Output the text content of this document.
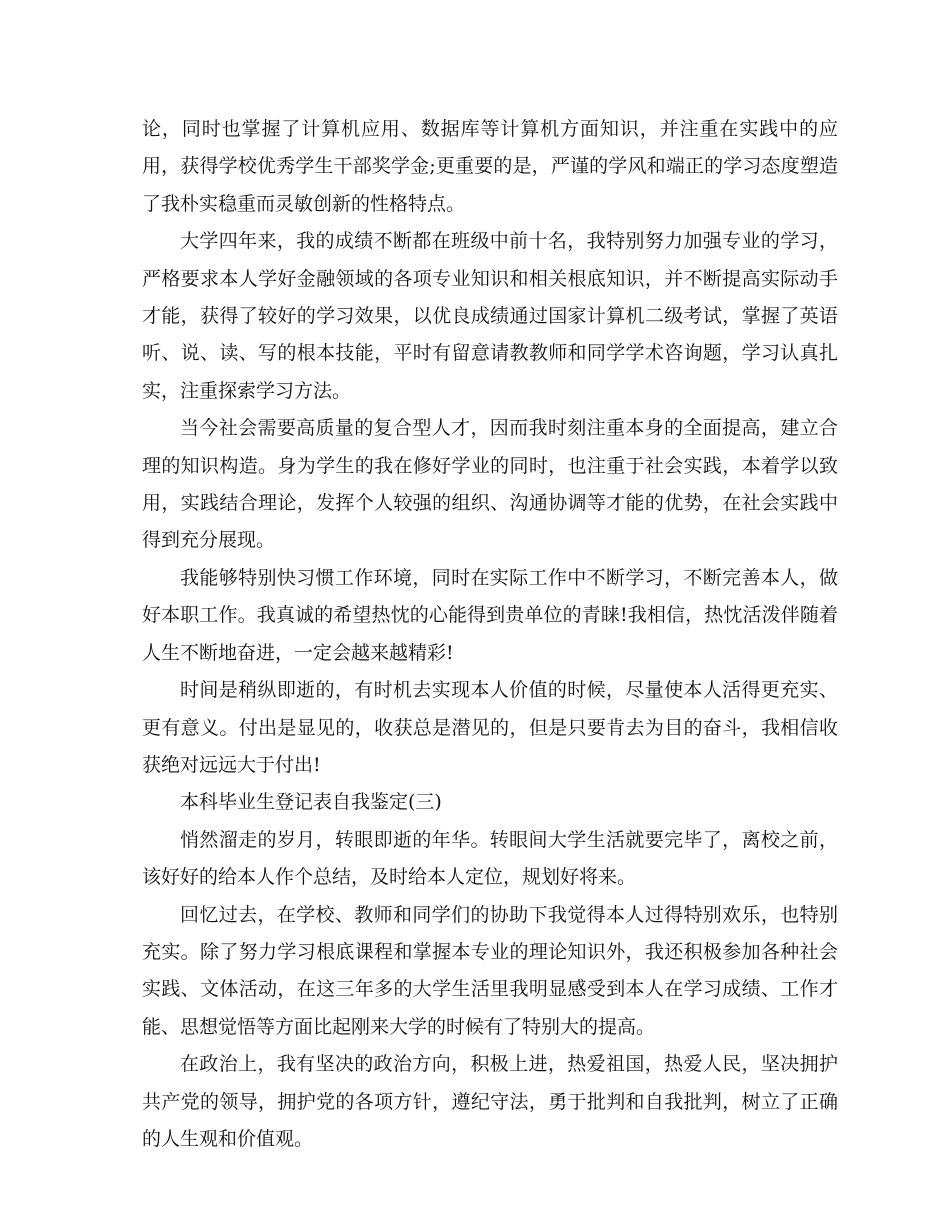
论，同时也掌握了计算机应用、数据库等计算机方面知识，并注重在实践中的应用，获得学校优秀学生干部奖学金;更重要的是，严谨的学风和端正的学习态度塑造了我朴实稳重而灵敏创新的性格特点。

大学四年来，我的成绩不断都在班级中前十名，我特别努力加强专业的学习，严格要求本人学好金融领域的各项专业知识和相关根底知识，并不断提高实际动手才能，获得了较好的学习效果，以优良成绩通过国家计算机二级考试，掌握了英语听、说、读、写的根本技能，平时有留意请教教师和同学学术咨询题，学习认真扎实，注重探索学习方法。

当今社会需要高质量的复合型人才，因而我时刻注重本身的全面提高，建立合理的知识构造。身为学生的我在修好学业的同时，也注重于社会实践，本着学以致用，实践结合理论，发挥个人较强的组织、沟通协调等才能的优势，在社会实践中得到充分展现。

我能够特别快习惯工作环境，同时在实际工作中不断学习，不断完善本人，做好本职工作。我真诚的希望热忱的心能得到贵单位的青睐!我相信，热忱活泼伴随着人生不断地奋进，一定会越来越精彩!

时间是稍纵即逝的，有时机去实现本人价值的时候，尽量使本人活得更充实、更有意义。付出是显见的，收获总是潜见的，但是只要肯去为目的奋斗，我相信收获绝对远远大于付出!

本科毕业生登记表自我鉴定(三)

悄然溜走的岁月，转眼即逝的年华。转眼间大学生活就要完毕了，离校之前，该好好的给本人作个总结，及时给本人定位，规划好将来。

回忆过去，在学校、教师和同学们的协助下我觉得本人过得特别欢乐，也特别充实。除了努力学习根底课程和掌握本专业的理论知识外，我还积极参加各种社会实践、文体活动，在这三年多的大学生活里我明显感受到本人在学习成绩、工作才能、思想觉悟等方面比起刚来大学的时候有了特别大的提高。

在政治上，我有坚决的政治方向，积极上进，热爱祖国，热爱人民，坚决拥护共产党的领导，拥护党的各项方针，遵纪守法，勇于批判和自我批判，树立了正确的人生观和价值观。
